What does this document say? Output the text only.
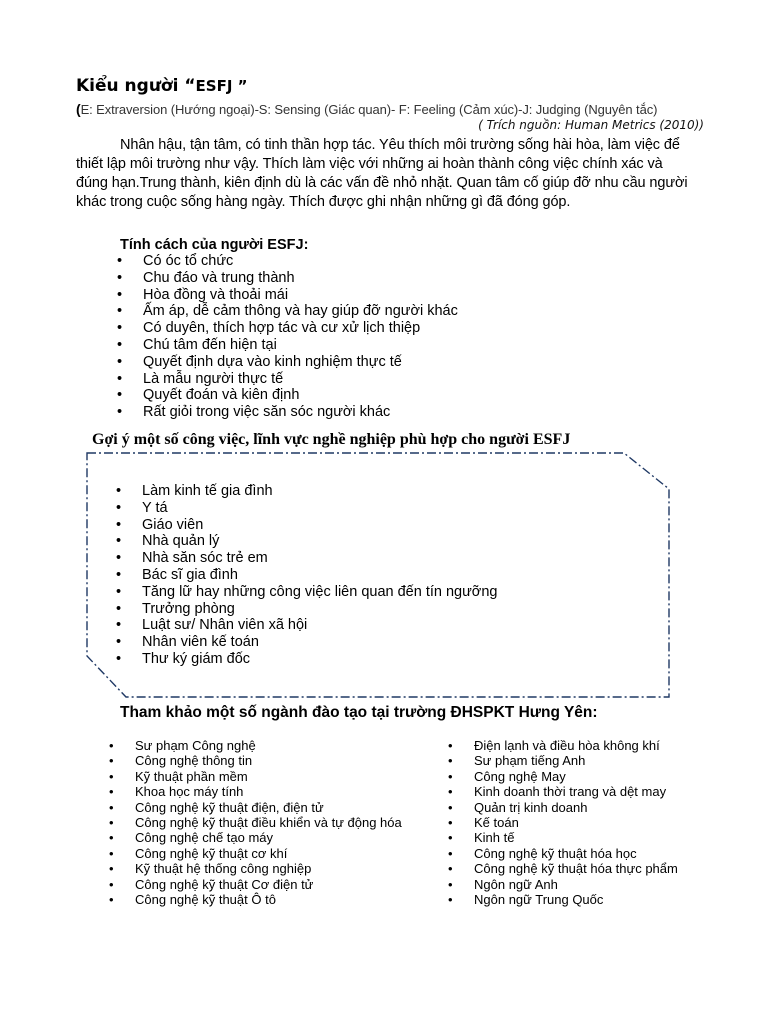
Kiểu người “ESFJ ”
(E: Extraversion (Hướng ngoại)-S: Sensing (Giác quan)- F: Feeling (Cảm xúc)-J: Judging (Nguyên tắc)
( Trích nguồn: Human Metrics (2010))
Nhân hậu, tận tâm, có tinh thần hợp tác. Yêu thích môi trường sống hài hòa, làm việc để thiết lập môi trường như vậy. Thích làm việc với những ai hoàn thành công việc chính xác và đúng hạn.Trung thành, kiên định dù là các vấn đề nhỏ nhặt. Quan tâm cố giúp đỡ nhu cầu người khác trong cuộc sống hàng ngày. Thích được ghi nhận những gì đã đóng góp.
Tính cách của người ESFJ:
• Có óc tổ chức
• Chu đáo và trung thành
• Hòa đồng và thoải mái
• Ấm áp, dễ cảm thông và hay giúp đỡ người khác
• Có duyên, thích hợp tác và cư xử lịch thiệp
• Chú tâm đến hiện tại
• Quyết định dựa vào kinh nghiệm thực tế
• Là mẫu người thực tế
• Quyết đoán và kiên định
• Rất giỏi trong việc săn sóc người khác
Gợi ý một số công việc, lĩnh vực nghề nghiệp phù hợp cho người ESFJ
• Làm kinh tế gia đình
• Y tá
• Giáo viên
• Nhà quản lý
• Nhà săn sóc trẻ em
• Bác sĩ gia đình
• Tăng lữ hay những công việc liên quan đến tín ngưỡng
• Trưởng phòng
• Luật sư/ Nhân viên xã hội
• Nhân viên kế toán
• Thư ký giám đốc
Tham khảo một số ngành đào tạo tại trường ĐHSPKT Hưng Yên:
• Sư phạm Công nghệ
• Công nghệ thông tin
• Kỹ thuật phần mềm
• Khoa học máy tính
• Công nghệ kỹ thuật điện, điện tử
• Công nghệ kỹ thuật điều khiển và tự động hóa
• Công nghệ chế tạo máy
• Công nghệ kỹ thuật cơ khí
• Kỹ thuật hệ thống công nghiệp
• Công nghệ kỹ thuật Cơ điện tử
• Công nghệ kỹ thuật Ô tô
• Điện lạnh và điều hòa không khí
• Sư phạm tiếng Anh
• Công nghệ May
• Kinh doanh thời trang và dệt may
• Quản trị kinh doanh
• Kế toán
• Kinh tế
• Công nghệ kỹ thuật hóa học
• Công nghệ kỹ thuật hóa thực phẩm
• Ngôn ngữ Anh
• Ngôn ngữ Trung Quốc
